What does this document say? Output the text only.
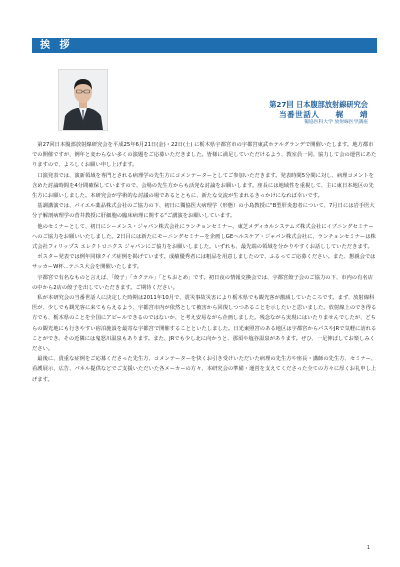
挨 拶
第27回 日本腹部放射線研究会
当番世話人　　梶　　靖
獨協医科大学 放射線医学講座

第27回日本腹部放射線研究会を平成25年6月21日(金)・22日(土) に栃木県宇都宮市の宇都宮東武ホテルグランデで開催いたします。地方都市での開催ですが、例年と変わらない多くの演題をご応募いただきました。皆様に満足していただけるよう、教室員一同、協力して会の運営にあたりますので、よろしくお願い申し上げます。

口演発表では、演新領域を専門とされる病理学の先生方にコメンテーターとしてご参加いただきます。発表時間5分間に対し、病理コメントを含めた討論時間を4分間確保していますので、会場の先生方からも活発な討論をお願いします。座長には地域性を重視して、主に東日本地区の先生方にお願いしました。本研究会が学術的な討議の場であるとともに、新たな交流が生まれるきっかけになれば幸いです。

基調講演では、バイエル薬品株式会社のご協力の下、初日に獨協医大病理学（形態）の小島教授に"B型肝炎患者について、7月日には岩手医大分子解剖病理学の菅井教授に肝細胞の臨床病理に関する"ご講演をお願いしています。

他のセミナーとして、初日にシーメンス・ジャパン株式会社にランチョンセミナー、東芝メディカルシステムズ株式会社にイブニングセミナーへのご協力をお願いいたしました。2日目には新たにモーニングセミナーを企画しGEヘルスケア・ジャパン株式会社に、ランチョンセミナーは株式会社フィリップス エレクトロニクス ジャパンにご協力をお願いしました。いずれも、最先端の領域を分かりやすくお話ししていただきます。

ポスター発表では例年同様クイズ症例を掲げています。成績優秀者には粗品を用意しましたので、ふるってご応募ください。また、懇親会ではサッカーW杯...テニス大会を開催いたします。

宇都宮で有名なものと言えば、「餃子」「カクテル」「とちおとめ」です。初日夜の情報交換会では、宇都宮餃子会のご協力の下、市内の有名店の中から2店の餃子を出していただきます。ご期待ください。

私が本研究会の当番世話人に決定した時期は2011年10月で、震災事故災害により栃木県でも観光客が激減していたころです。まず、放射線科医が、少しでも観光客に来てもらえるよう、宇都宮市内が依然として被害から回復しつつあることを示したいと思いました。放射線上のでき得る方でも、栃木県のことを全国にアピールできるのではないか、と考え安易ながら企画しました。残念ながら実現にはいたりませんでしたが、どちらの観光地にも行きやすい宿泊施設を最寄な宇都宮で開催することといたしました。日光東照宮のある地区は宇都宮からバスやJRで気軽に訪れることができ、その近隣には鬼怒川温泉もあります。また、JRでも少し北に向かうと、那須や塩谷温泉があります。ぜひ、一足伸ばしてお楽しみください。

最後に、貴重な症例をご応募くださった先生方、コメンテーターを快くお引き受けいただいた病理の先生方や座長・講師の先生方、セミナー、看護展示、広告、パネル提供などでご支援いただいた各メーカーの方々、本研究会の準備・運営を支えてくださった全ての方々に厚くお礼申し上げます。

1
